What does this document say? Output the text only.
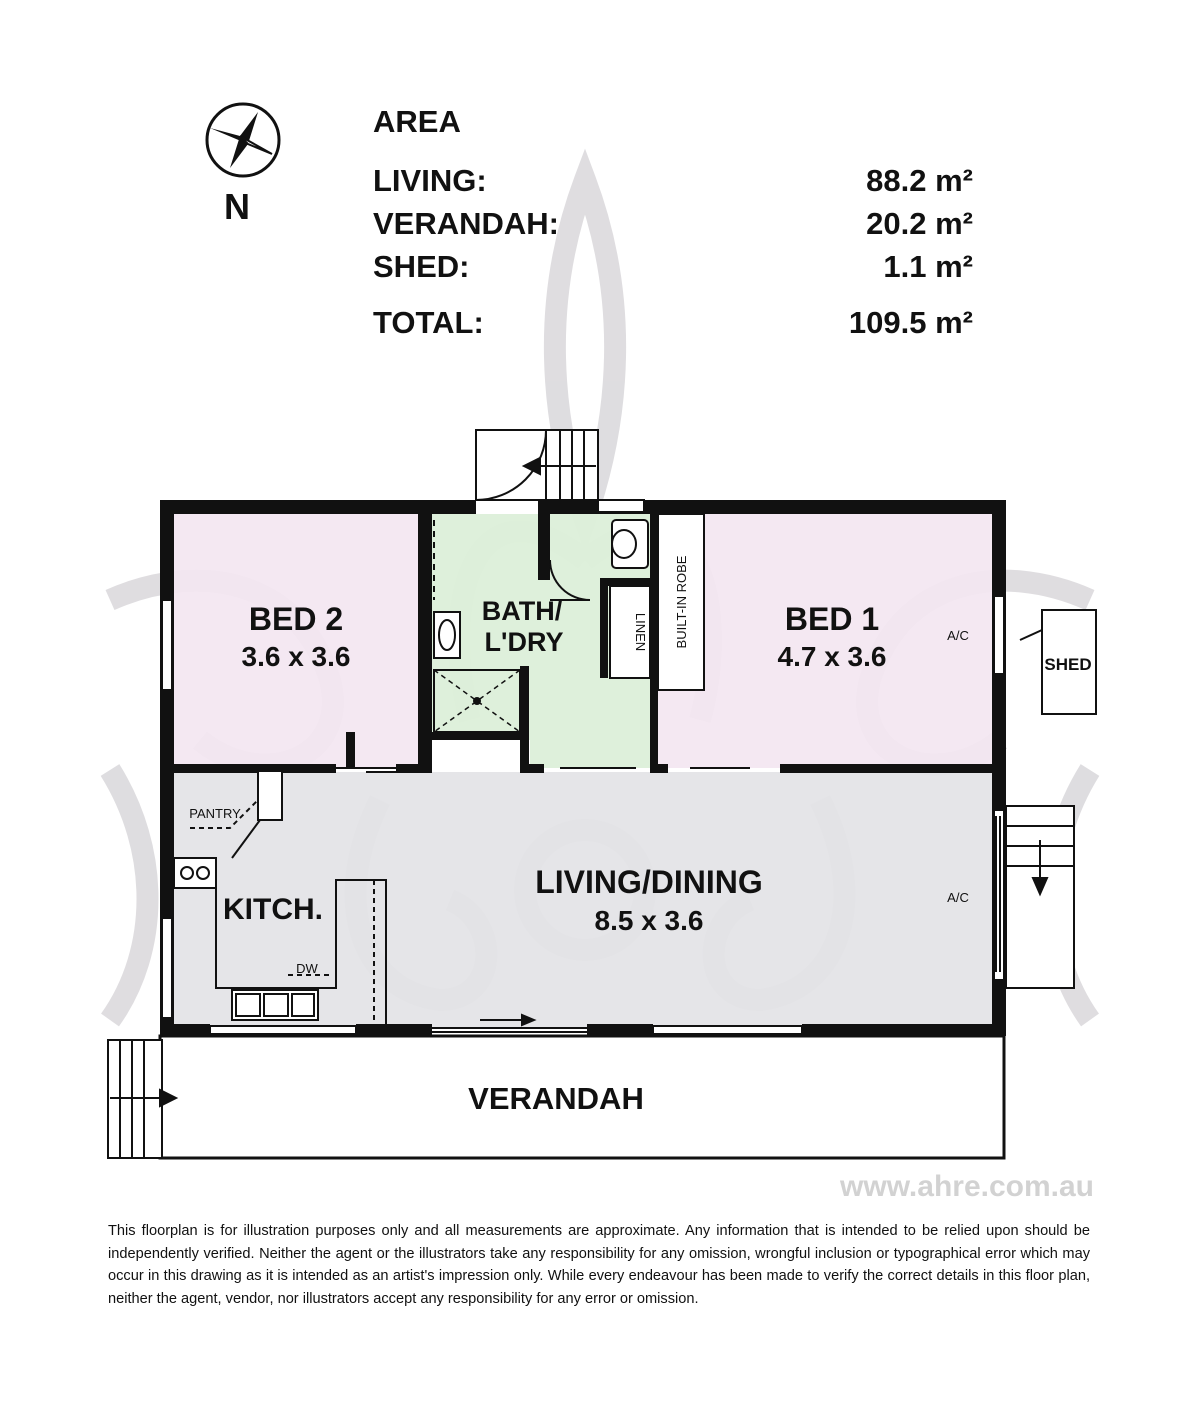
N
AREA
LIVING:	88.2 m²
VERANDAH:	20.2 m²
SHED:	1.1 m²
TOTAL:	109.5 m²
BED 2
3.6 x 3.6
BED 1
4.7 x 3.6
BATH/
L'DRY
LIVING/DINING
8.5 x 3.6
KITCH.
VERANDAH
SHED
LINEN BUILT-IN ROBE
PANTRY
DW
A/C
A/C
www.ahre.com.au
This floorplan is for illustration purposes only and all measurements are approximate. Any information that is intended to be relied upon should be independently verified. Neither the agent or the illustrators take any responsibility for any omission, wrongful inclusion or typographical error which may occur in this drawing as it is intended as an artist's impression only. While every endeavour has been made to verify the correct details in this floor plan, neither the agent, vendor, nor illustrators accept any responsibility for any error or omission.
